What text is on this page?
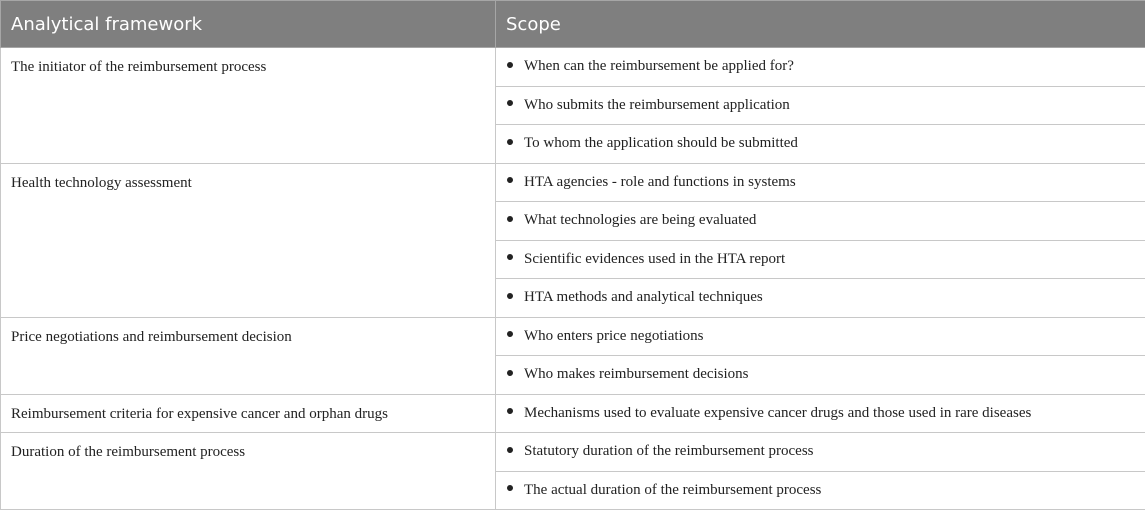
Analytical framework	Scope
The initiator of the reimbursement process	When can the reimbursement be applied for?
	Who submits the reimbursement application
	To whom the application should be submitted
Health technology assessment	HTA agencies - role and functions in systems
	What technologies are being evaluated
	Scientific evidences used in the HTA report
	HTA methods and analytical techniques
Price negotiations and reimbursement decision	Who enters price negotiations
	Who makes reimbursement decisions
Reimbursement criteria for expensive cancer and orphan drugs	Mechanisms used to evaluate expensive cancer drugs and those used in rare diseases
Duration of the reimbursement process	Statutory duration of the reimbursement process
	The actual duration of the reimbursement process
